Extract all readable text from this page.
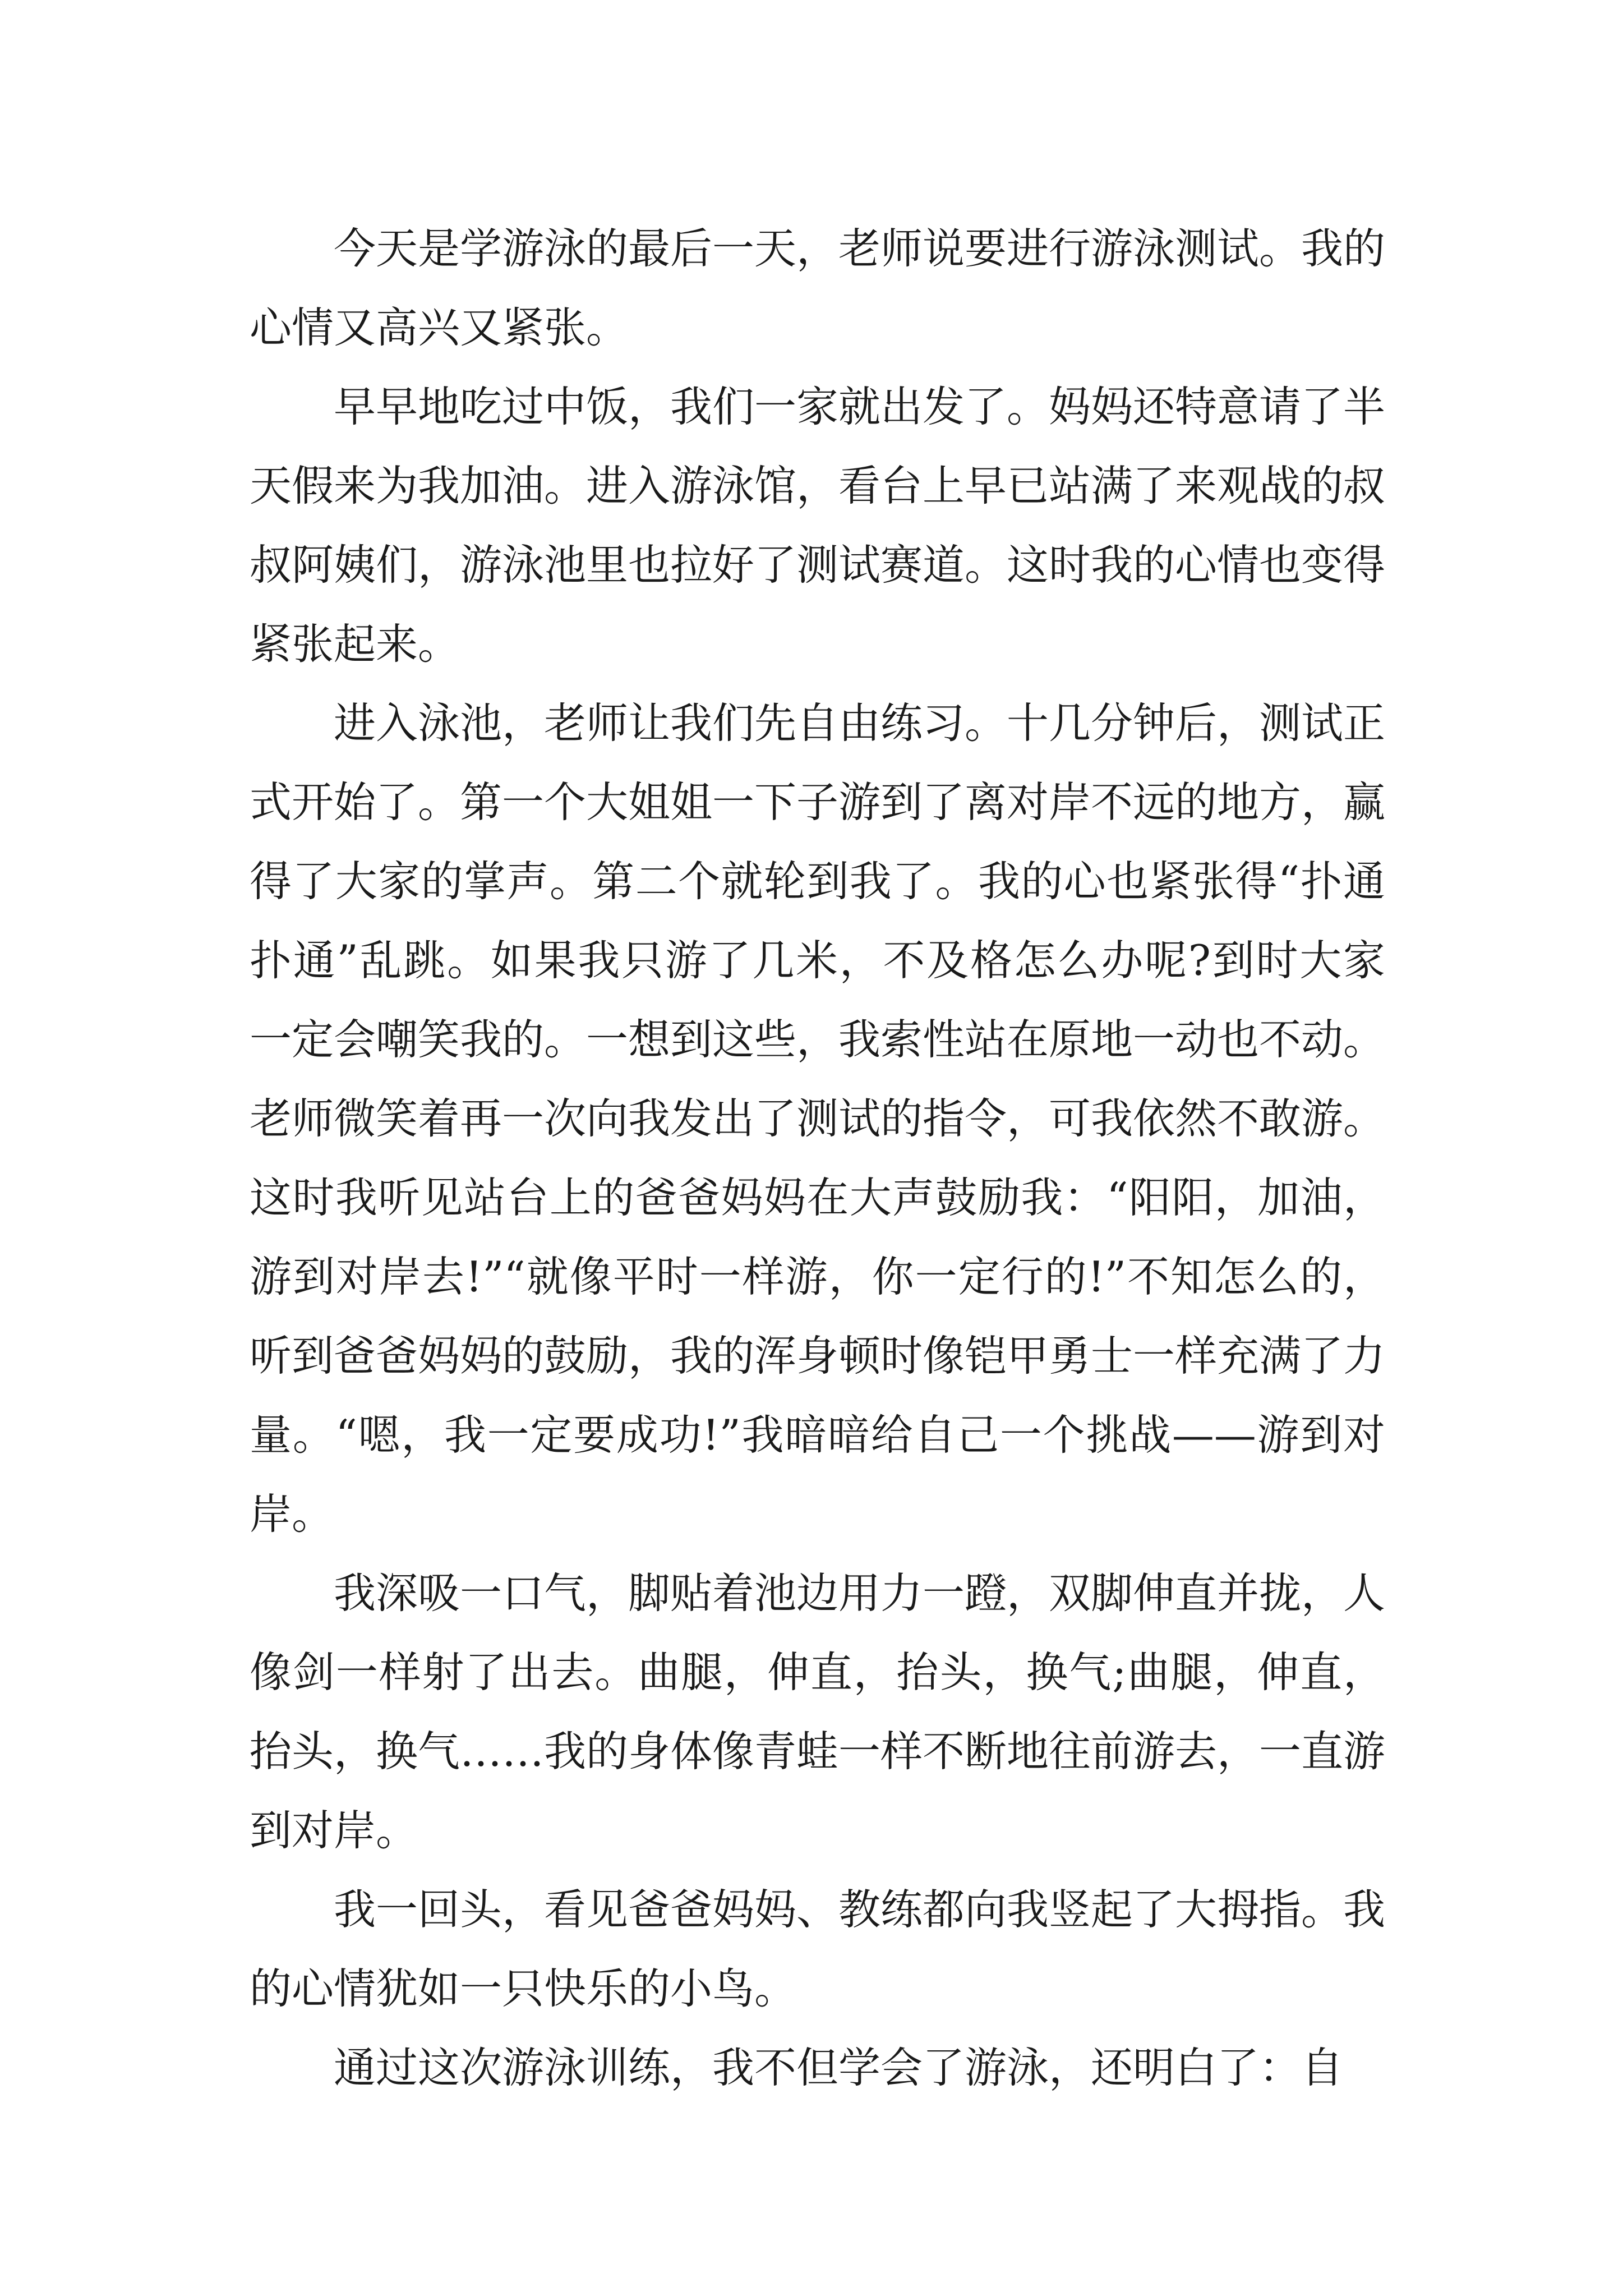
今天是学游泳的最后一天，老师说要进行游泳测试。我的心情又高兴又紧张。

早早地吃过中饭，我们一家就出发了。妈妈还特意请了半天假来为我加油。进入游泳馆，看台上早已站满了来观战的叔叔阿姨们，游泳池里也拉好了测试赛道。这时我的心情也变得紧张起来。

进入泳池，老师让我们先自由练习。十几分钟后，测试正式开始了。第一个大姐姐一下子游到了离对岸不远的地方，赢得了大家的掌声。第二个就轮到我了。我的心也紧张得“扑通扑通”乱跳。如果我只游了几米，不及格怎么办呢?到时大家一定会嘲笑我的。一想到这些，我索性站在原地一动也不动。老师微笑着再一次向我发出了测试的指令，可我依然不敢游。这时我听见站台上的爸爸妈妈在大声鼓励我：“阳阳，加油，游到对岸去!”“就像平时一样游，你一定行的!”不知怎么的，听到爸爸妈妈的鼓励，我的浑身顿时像铠甲勇士一样充满了力量。“嗯，我一定要成功!”我暗暗给自己一个挑战——游到对岸。

我深吸一口气，脚贴着池边用力一蹬，双脚伸直并拢，人像剑一样射了出去。曲腿，伸直，抬头，换气;曲腿，伸直，抬头，换气……我的身体像青蛙一样不断地往前游去，一直游到对岸。

我一回头，看见爸爸妈妈、教练都向我竖起了大拇指。我的心情犹如一只快乐的小鸟。

通过这次游泳训练，我不但学会了游泳，还明白了：自
